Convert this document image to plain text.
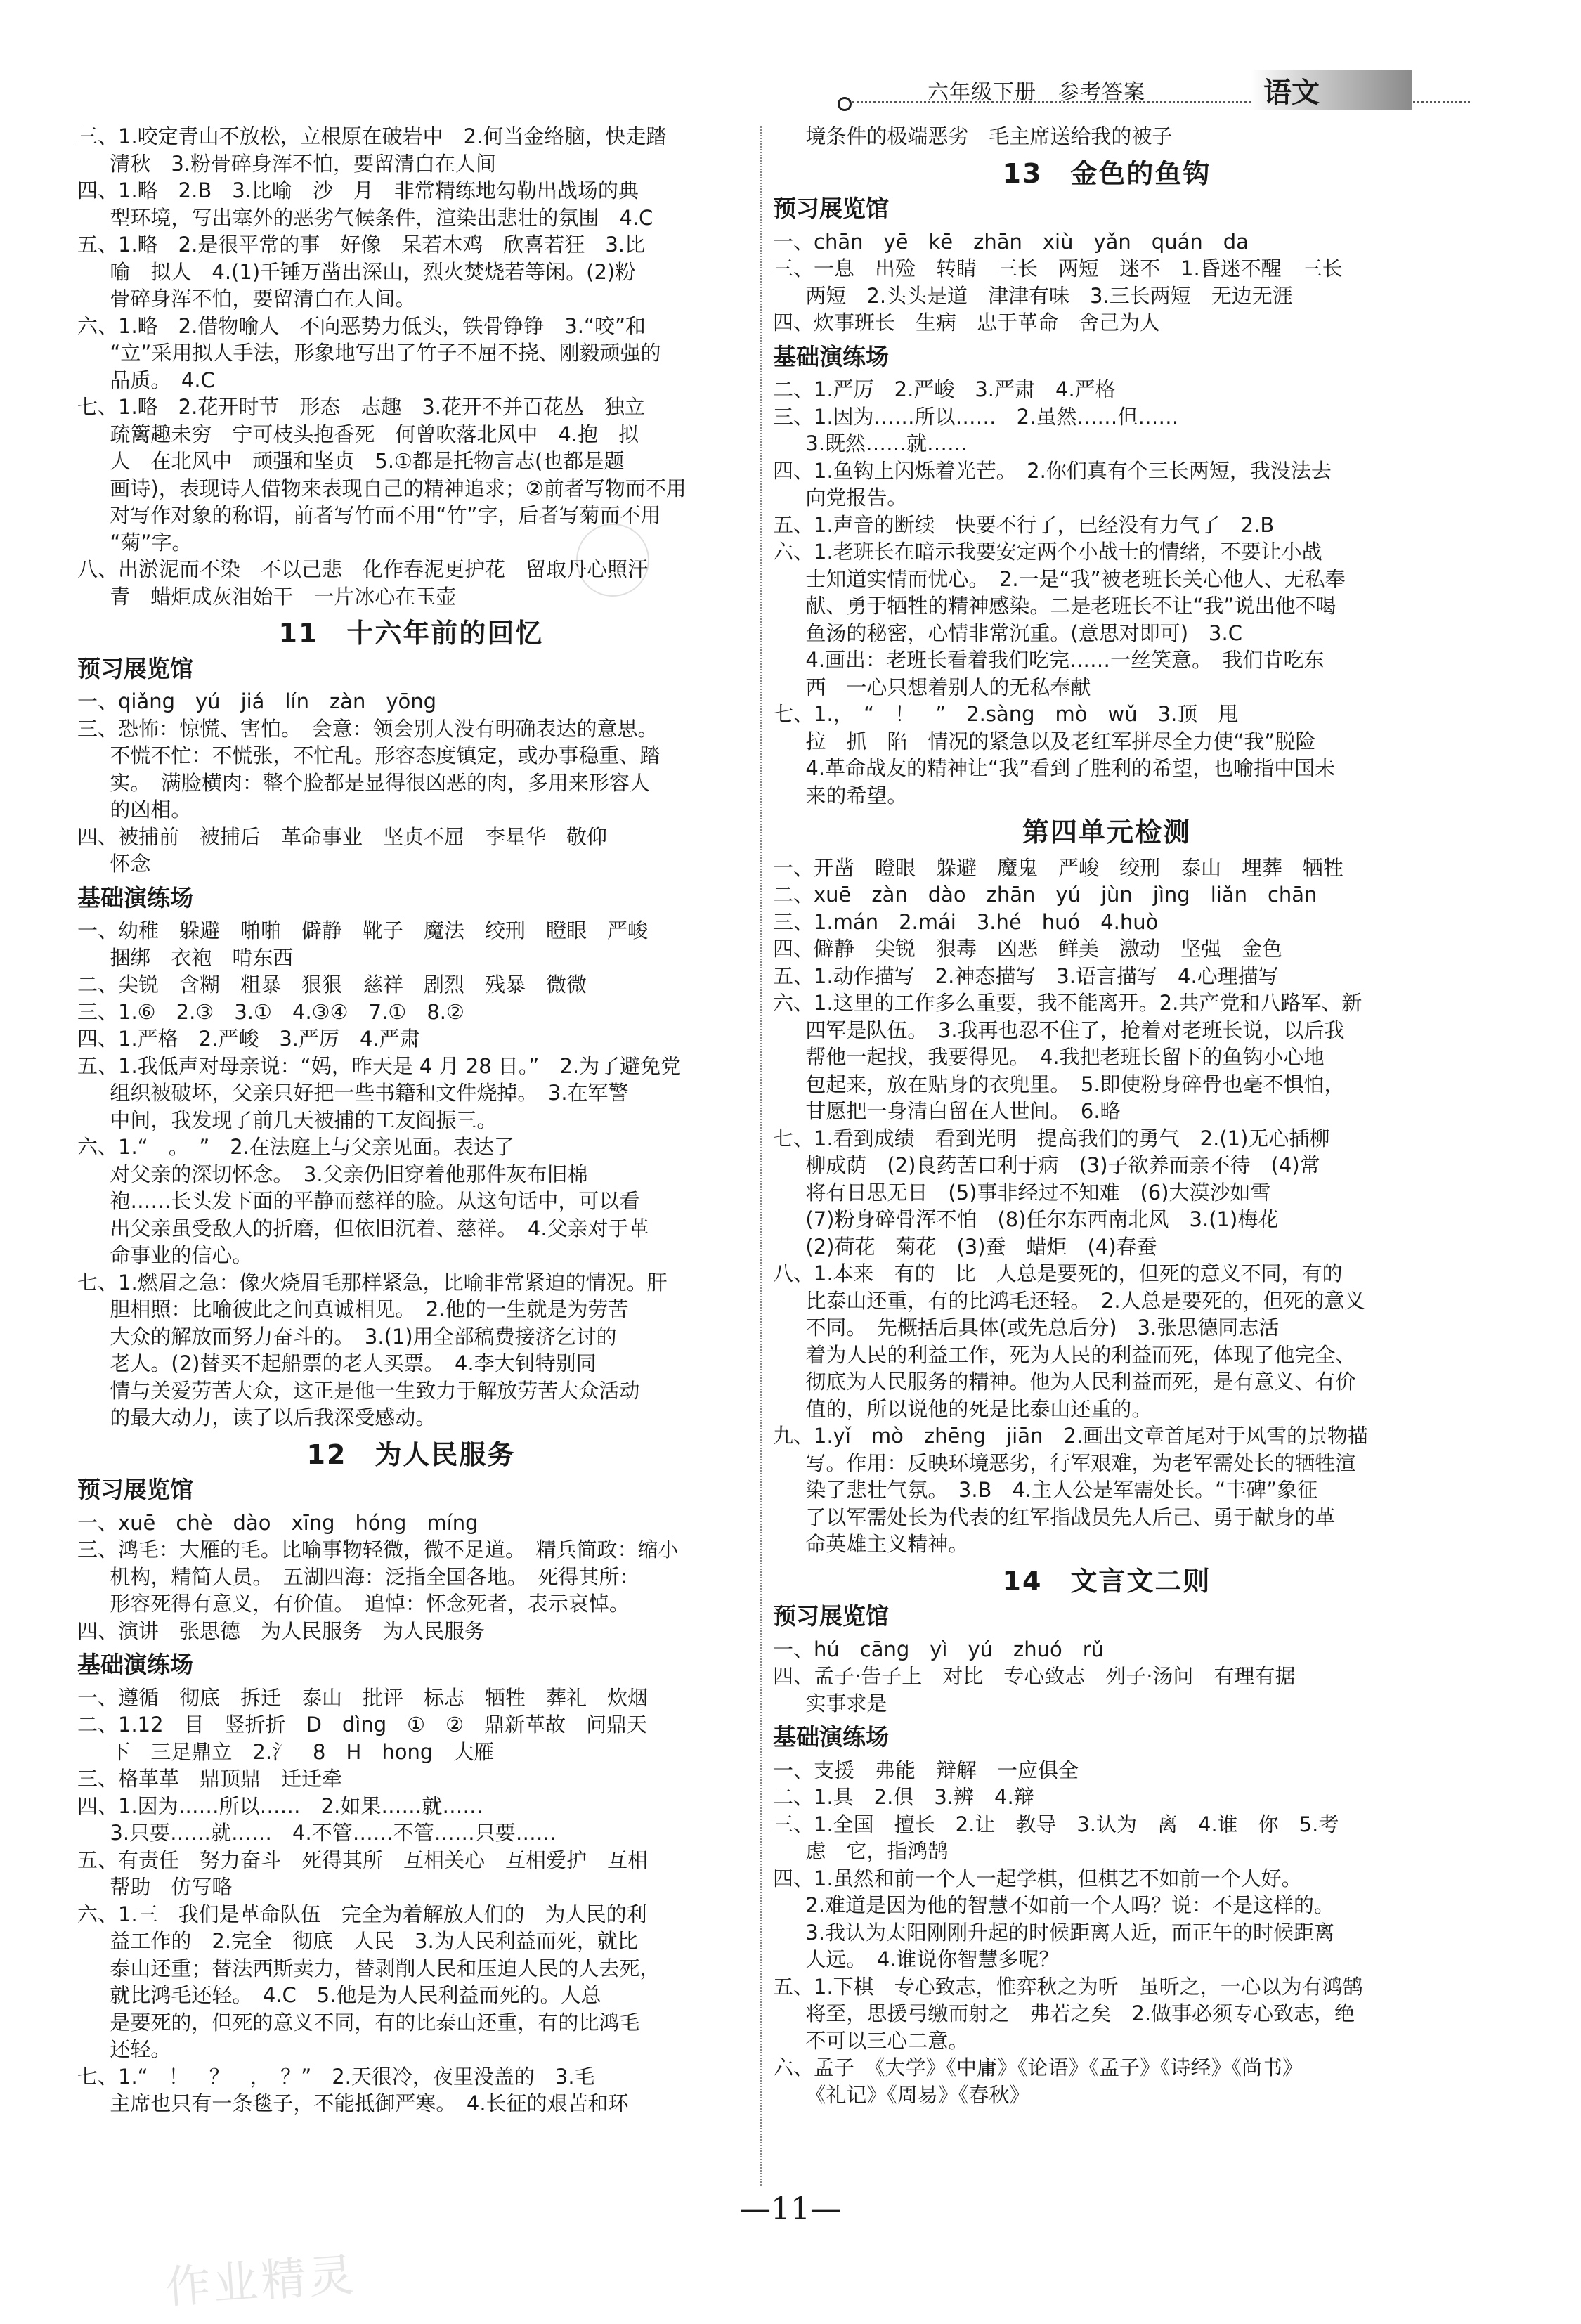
六年级下册　参考答案	语文
三、1.咬定青山不放松，立根原在破岩中　2.何当金络脑，快走踏
清秋　3.粉骨碎身浑不怕，要留清白在人间
四、1.略　2.B　3.比喻　沙　月　非常精练地勾勒出战场的典
型环境，写出塞外的恶劣气候条件，渲染出悲壮的氛围　4.C
五、1.略　2.是很平常的事　好像　呆若木鸡　欣喜若狂　3.比
喻　拟人　4.(1)千锤万凿出深山，烈火焚烧若等闲。(2)粉
骨碎身浑不怕，要留清白在人间。
六、1.略　2.借物喻人　不向恶势力低头，铁骨铮铮　3.“咬”和
“立”采用拟人手法，形象地写出了竹子不屈不挠、刚毅顽强的
品质。　4.C
七、1.略　2.花开时节　形态　志趣　3.花开不并百花丛　独立
疏篱趣未穷　宁可枝头抱香死　何曾吹落北风中　4.抱　拟
人　在北风中　顽强和坚贞　5.①都是托物言志(也都是题
画诗)，表现诗人借物来表现自己的精神追求；②前者写物而不用
对写作对象的称谓，前者写竹而不用“竹”字，后者写菊而不用
“菊”字。
八、出淤泥而不染　不以己悲　化作春泥更护花　留取丹心照汗
青　蜡炬成灰泪始干　一片冰心在玉壶
11　十六年前的回忆
预习展览馆
一、qiǎng　yú　jiá　lín　zàn　yōng
三、恐怖：惊慌、害怕。　会意：领会别人没有明确表达的意思。
不慌不忙：不慌张，不忙乱。形容态度镇定，或办事稳重、踏
实。　满脸横肉：整个脸都是显得很凶恶的肉，多用来形容人
的凶相。
四、被捕前　被捕后　革命事业　坚贞不屈　李星华　敬仰
怀念
基础演练场
一、幼稚　躲避　啪啪　僻静　靴子　魔法　绞刑　瞪眼　严峻
捆绑　衣袍　啃东西
二、尖锐　含糊　粗暴　狠狠　慈祥　剧烈　残暴　微微
三、1.⑥　2.③　3.①　4.③④　7.①　8.②
四、1.严格　2.严峻　3.严厉　4.严肃
五、1.我低声对母亲说：“妈，昨天是 4 月 28 日。”　2.为了避免党
组织被破坏，父亲只好把一些书籍和文件烧掉。　3.在军警
中间，我发现了前几天被捕的工友阎振三。
六、1.“　。　”　2.在法庭上与父亲见面。表达了
对父亲的深切怀念。　3.父亲仍旧穿着他那件灰布旧棉
袍……长头发下面的平静而慈祥的脸。从这句话中，可以看
出父亲虽受敌人的折磨，但依旧沉着、慈祥。　4.父亲对于革
命事业的信心。
七、1.燃眉之急：像火烧眉毛那样紧急，比喻非常紧迫的情况。肝
胆相照：比喻彼此之间真诚相见。　2.他的一生就是为劳苦
大众的解放而努力奋斗的。　3.(1)用全部稿费接济乞讨的
老人。(2)替买不起船票的老人买票。　4.李大钊特别同
情与关爱劳苦大众，这正是他一生致力于解放劳苦大众活动
的最大动力，读了以后我深受感动。
12　为人民服务
预习展览馆
一、xuē　chè　dào　xīng　hóng　míng
三、鸿毛：大雁的毛。比喻事物轻微，微不足道。　精兵简政：缩小
机构，精简人员。　五湖四海：泛指全国各地。　死得其所：
形容死得有意义，有价值。　追悼：怀念死者，表示哀悼。
四、演讲　张思德　为人民服务　为人民服务
基础演练场
一、遵循　彻底　拆迁　泰山　批评　标志　牺牲　葬礼　炊烟
二、1.12　目　竖折折　D　dìng　①　②　鼎新革故　问鼎天
下　三足鼎立　2.氵　8　H　hong　大雁
三、格革革　鼎顶鼎　迁迁牵
四、1.因为……所以……　2.如果……就……
3.只要……就……　4.不管……不管……只要……
五、有责任　努力奋斗　死得其所　互相关心　互相爱护　互相
帮助　仿写略
六、1.三　我们是革命队伍　完全为着解放人们的　为人民的利
益工作的　2.完全　彻底　人民　3.为人民利益而死，就比
泰山还重；替法西斯卖力，替剥削人民和压迫人民的人去死，
就比鸿毛还轻。　4.C　5.他是为人民利益而死的。人总
是要死的，但死的意义不同，有的比泰山还重，有的比鸿毛
还轻。
七、1.“　！　？　，　？”　2.天很冷，夜里没盖的　3.毛
主席也只有一条毯子，不能抵御严寒。　4.长征的艰苦和环
境条件的极端恶劣　毛主席送给我的被子
13　金色的鱼钩
预习展览馆
一、chān　yē　kē　zhān　xiù　yǎn　quán　da
三、一息　出殓　转睛　三长　两短　迷不　1.昏迷不醒　三长
两短　2.头头是道　津津有味　3.三长两短　无边无涯
四、炊事班长　生病　忠于革命　舍己为人
基础演练场
二、1.严厉　2.严峻　3.严肃　4.严格
三、1.因为……所以……　2.虽然……但……
3.既然……就……
四、1.鱼钩上闪烁着光芒。　2.你们真有个三长两短，我没法去
向党报告。
五、1.声音的断续　快要不行了，已经没有力气了　2.B
六、1.老班长在暗示我要安定两个小战士的情绪，不要让小战
士知道实情而忧心。　2.一是“我”被老班长关心他人、无私奉
献、勇于牺牲的精神感染。二是老班长不让“我”说出他不喝
鱼汤的秘密，心情非常沉重。(意思对即可)　3.C
4.画出：老班长看着我们吃完……一丝笑意。　我们肯吃东
西　一心只想着别人的无私奉献
七、1.，　“　！　”　2.sàng　mò　wǔ　3.顶　甩
拉　抓　陷　情况的紧急以及老红军拼尽全力使“我”脱险
4.革命战友的精神让“我”看到了胜利的希望，也喻指中国未
来的希望。
第四单元检测
一、开凿　瞪眼　躲避　魔鬼　严峻　绞刑　泰山　埋葬　牺牲
二、xuē　zàn　dào　zhān　yú　jùn　jìng　liǎn　chān
三、1.mán　2.mái　3.hé　huó　4.huò
四、僻静　尖锐　狠毒　凶恶　鲜美　激动　坚强　金色
五、1.动作描写　2.神态描写　3.语言描写　4.心理描写
六、1.这里的工作多么重要，我不能离开。2.共产党和八路军、新
四军是队伍。　3.我再也忍不住了，抢着对老班长说，以后我
帮他一起找，我要得见。　4.我把老班长留下的鱼钩小心地
包起来，放在贴身的衣兜里。　5.即使粉身碎骨也毫不惧怕，
甘愿把一身清白留在人世间。　6.略
七、1.看到成绩　看到光明　提高我们的勇气　2.(1)无心插柳
柳成荫　(2)良药苦口利于病　(3)子欲养而亲不待　(4)常
将有日思无日　(5)事非经过不知难　(6)大漠沙如雪
(7)粉身碎骨浑不怕　(8)任尔东西南北风　3.(1)梅花
(2)荷花　菊花　(3)蚕　蜡炬　(4)春蚕
八、1.本来　有的　比　人总是要死的，但死的意义不同，有的
比泰山还重，有的比鸿毛还轻。　2.人总是要死的，但死的意义
不同。　先概括后具体(或先总后分)　3.张思德同志活
着为人民的利益工作，死为人民的利益而死，体现了他完全、
彻底为人民服务的精神。他为人民利益而死，是有意义、有价
值的，所以说他的死是比泰山还重的。
九、1.yǐ　mò　zhēng　jiān　2.画出文章首尾对于风雪的景物描
写。作用：反映环境恶劣，行军艰难，为老军需处长的牺牲渲
染了悲壮气氛。　3.B　4.主人公是军需处长。“丰碑”象征
了以军需处长为代表的红军指战员先人后己、勇于献身的革
命英雄主义精神。
14　文言文二则
预习展览馆
一、hú　cāng　yì　yú　zhuó　rǔ
四、孟子·告子上　对比　专心致志　列子·汤问　有理有据
实事求是
基础演练场
一、支援　弗能　辩解　一应俱全
二、1.具　2.俱　3.辨　4.辩
三、1.全国　擅长　2.让　教导　3.认为　离　4.谁　你　5.考
虑　它，指鸿鹄
四、1.虽然和前一个人一起学棋，但棋艺不如前一个人好。
2.难道是因为他的智慧不如前一个人吗？说：不是这样的。
3.我认为太阳刚刚升起的时候距离人近，而正午的时候距离
人远。　4.谁说你智慧多呢？
五、1.下棋　专心致志，惟弈秋之为听　虽听之，一心以为有鸿鹄
将至，思援弓缴而射之　弗若之矣　2.做事必须专心致志，绝
不可以三心二意。
六、孟子　《大学》《中庸》《论语》《孟子》《诗经》《尚书》
《礼记》《周易》《春秋》
—11—
作业精灵
